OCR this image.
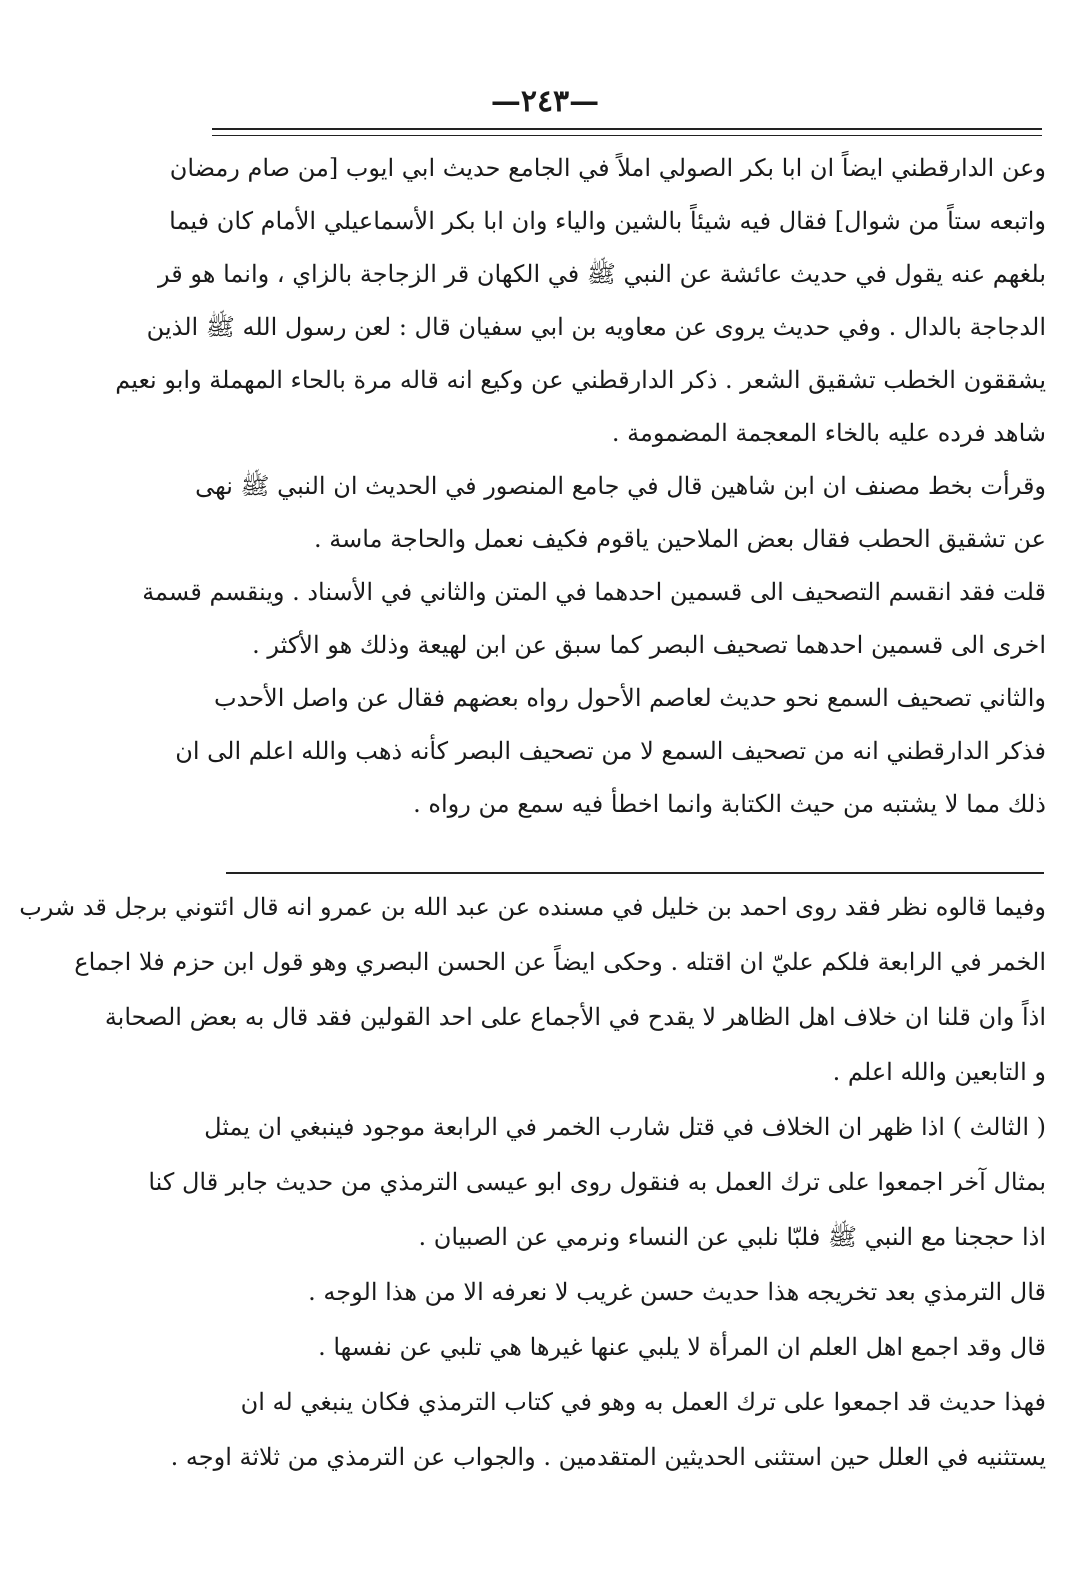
—٢٤٣—
وعن الدارقطني ايضاً ان ابا بكر الصولي املاً في الجامع حديث ابي ايوب [من صام رمضان
واتبعه ستاً من شوال] فقال فيه شيئاً بالشين والياء وان ابا بكر الأسماعيلي الأمام كان فيما
بلغهم عنه يقول في حديث عائشة عن النبي ﷺ في الكهان قر الزجاجة بالزاي ، وانما هو قر
الدجاجة بالدال . وفي حديث يروى عن معاويه بن ابي سفيان قال : لعن رسول الله ﷺ الذين
يشققون الخطب تشقيق الشعر . ذكر الدارقطني عن وكيع انه قاله مرة بالحاء المهملة وابو نعيم
شاهد فرده عليه بالخاء المعجمة المضمومة .
وقرأت بخط مصنف ان ابن شاهين قال في جامع المنصور في الحديث ان النبي ﷺ نهى
عن تشقيق الحطب فقال بعض الملاحين ياقوم فكيف نعمل والحاجة ماسة .
قلت فقد انقسم التصحيف الى قسمين احدهما في المتن والثاني في الأسناد . وينقسم قسمة
اخرى الى قسمين احدهما تصحيف البصر كما سبق عن ابن لهيعة وذلك هو الأكثر .
والثاني تصحيف السمع نحو حديث لعاصم الأحول رواه بعضهم فقال عن واصل الأحدب
فذكر الدارقطني انه من تصحيف السمع لا من تصحيف البصر كأنه ذهب والله اعلم الى ان
ذلك مما لا يشتبه من حيث الكتابة وانما اخطأ فيه سمع من رواه .
وفيما قالوه نظر فقد روى احمد بن خليل في مسنده عن عبد الله بن عمرو انه قال ائتوني برجل قد شرب
الخمر في الرابعة فلكم عليّ ان اقتله . وحكى ايضاً عن الحسن البصري وهو قول ابن حزم فلا اجماع
اذاً وان قلنا ان خلاف اهل الظاهر لا يقدح في الأجماع على احد القولين فقد قال به بعض الصحابة
و التابعين والله اعلم .
( الثالث ) اذا ظهر ان الخلاف في قتل شارب الخمر في الرابعة موجود فينبغي ان يمثل
بمثال آخر اجمعوا على ترك العمل به فنقول روى ابو عيسى الترمذي من حديث جابر قال كنا
اذا حججنا مع النبي ﷺ فلبّا نلبي عن النساء ونرمي عن الصبيان .
قال الترمذي بعد تخريجه هذا حديث حسن غريب لا نعرفه الا من هذا الوجه .
قال وقد اجمع اهل العلم ان المرأة لا يلبي عنها غيرها هي تلبي عن نفسها .
فهذا حديث قد اجمعوا على ترك العمل به وهو في كتاب الترمذي فكان ينبغي له ان
يستثنيه في العلل حين استثنى الحديثين المتقدمين . والجواب عن الترمذي من ثلاثة اوجه .
